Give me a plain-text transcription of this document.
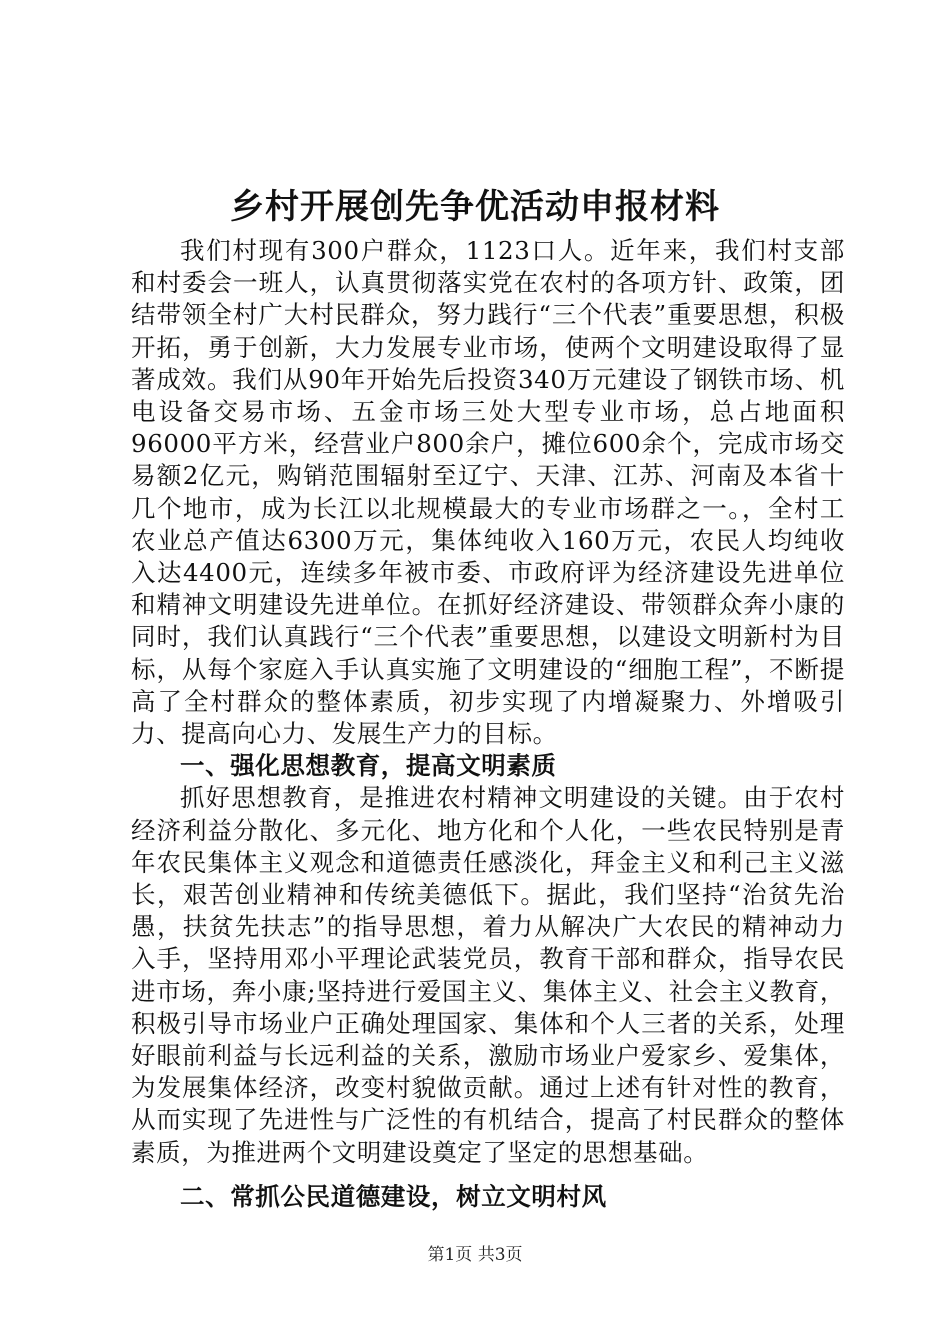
乡村开展创先争优活动申报材料

我们村现有300户群众，1123口人。近年来，我们村支部和村委会一班人，认真贯彻落实党在农村的各项方针、政策，团结带领全村广大村民群众，努力践行“三个代表”重要思想，积极开拓，勇于创新，大力发展专业市场，使两个文明建设取得了显著成效。我们从90年开始先后投资340万元建设了钢铁市场、机电设备交易市场、五金市场三处大型专业市场，总占地面积96000平方米，经营业户800余户，摊位600余个，完成市场交易额2亿元，购销范围辐射至辽宁、天津、江苏、河南及本省十几个地市，成为长江以北规模最大的专业市场群之一。，全村工农业总产值达6300万元，集体纯收入160万元，农民人均纯收入达4400元，连续多年被市委、市政府评为经济建设先进单位和精神文明建设先进单位。在抓好经济建设、带领群众奔小康的同时，我们认真践行“三个代表”重要思想，以建设文明新村为目标，从每个家庭入手认真实施了文明建设的“细胞工程”，不断提高了全村群众的整体素质，初步实现了内增凝聚力、外增吸引力、提高向心力、发展生产力的目标。

一、强化思想教育，提高文明素质

抓好思想教育，是推进农村精神文明建设的关键。由于农村经济利益分散化、多元化、地方化和个人化，一些农民特别是青年农民集体主义观念和道德责任感淡化，拜金主义和利己主义滋长，艰苦创业精神和传统美德低下。据此，我们坚持“治贫先治愚，扶贫先扶志”的指导思想，着力从解决广大农民的精神动力入手，坚持用邓小平理论武装党员，教育干部和群众，指导农民进市场，奔小康;坚持进行爱国主义、集体主义、社会主义教育，积极引导市场业户正确处理国家、集体和个人三者的关系，处理好眼前利益与长远利益的关系，激励市场业户爱家乡、爱集体，为发展集体经济，改变村貌做贡献。通过上述有针对性的教育，从而实现了先进性与广泛性的有机结合，提高了村民群众的整体素质，为推进两个文明建设奠定了坚定的思想基础。

二、常抓公民道德建设，树立文明村风

第1页 共3页
